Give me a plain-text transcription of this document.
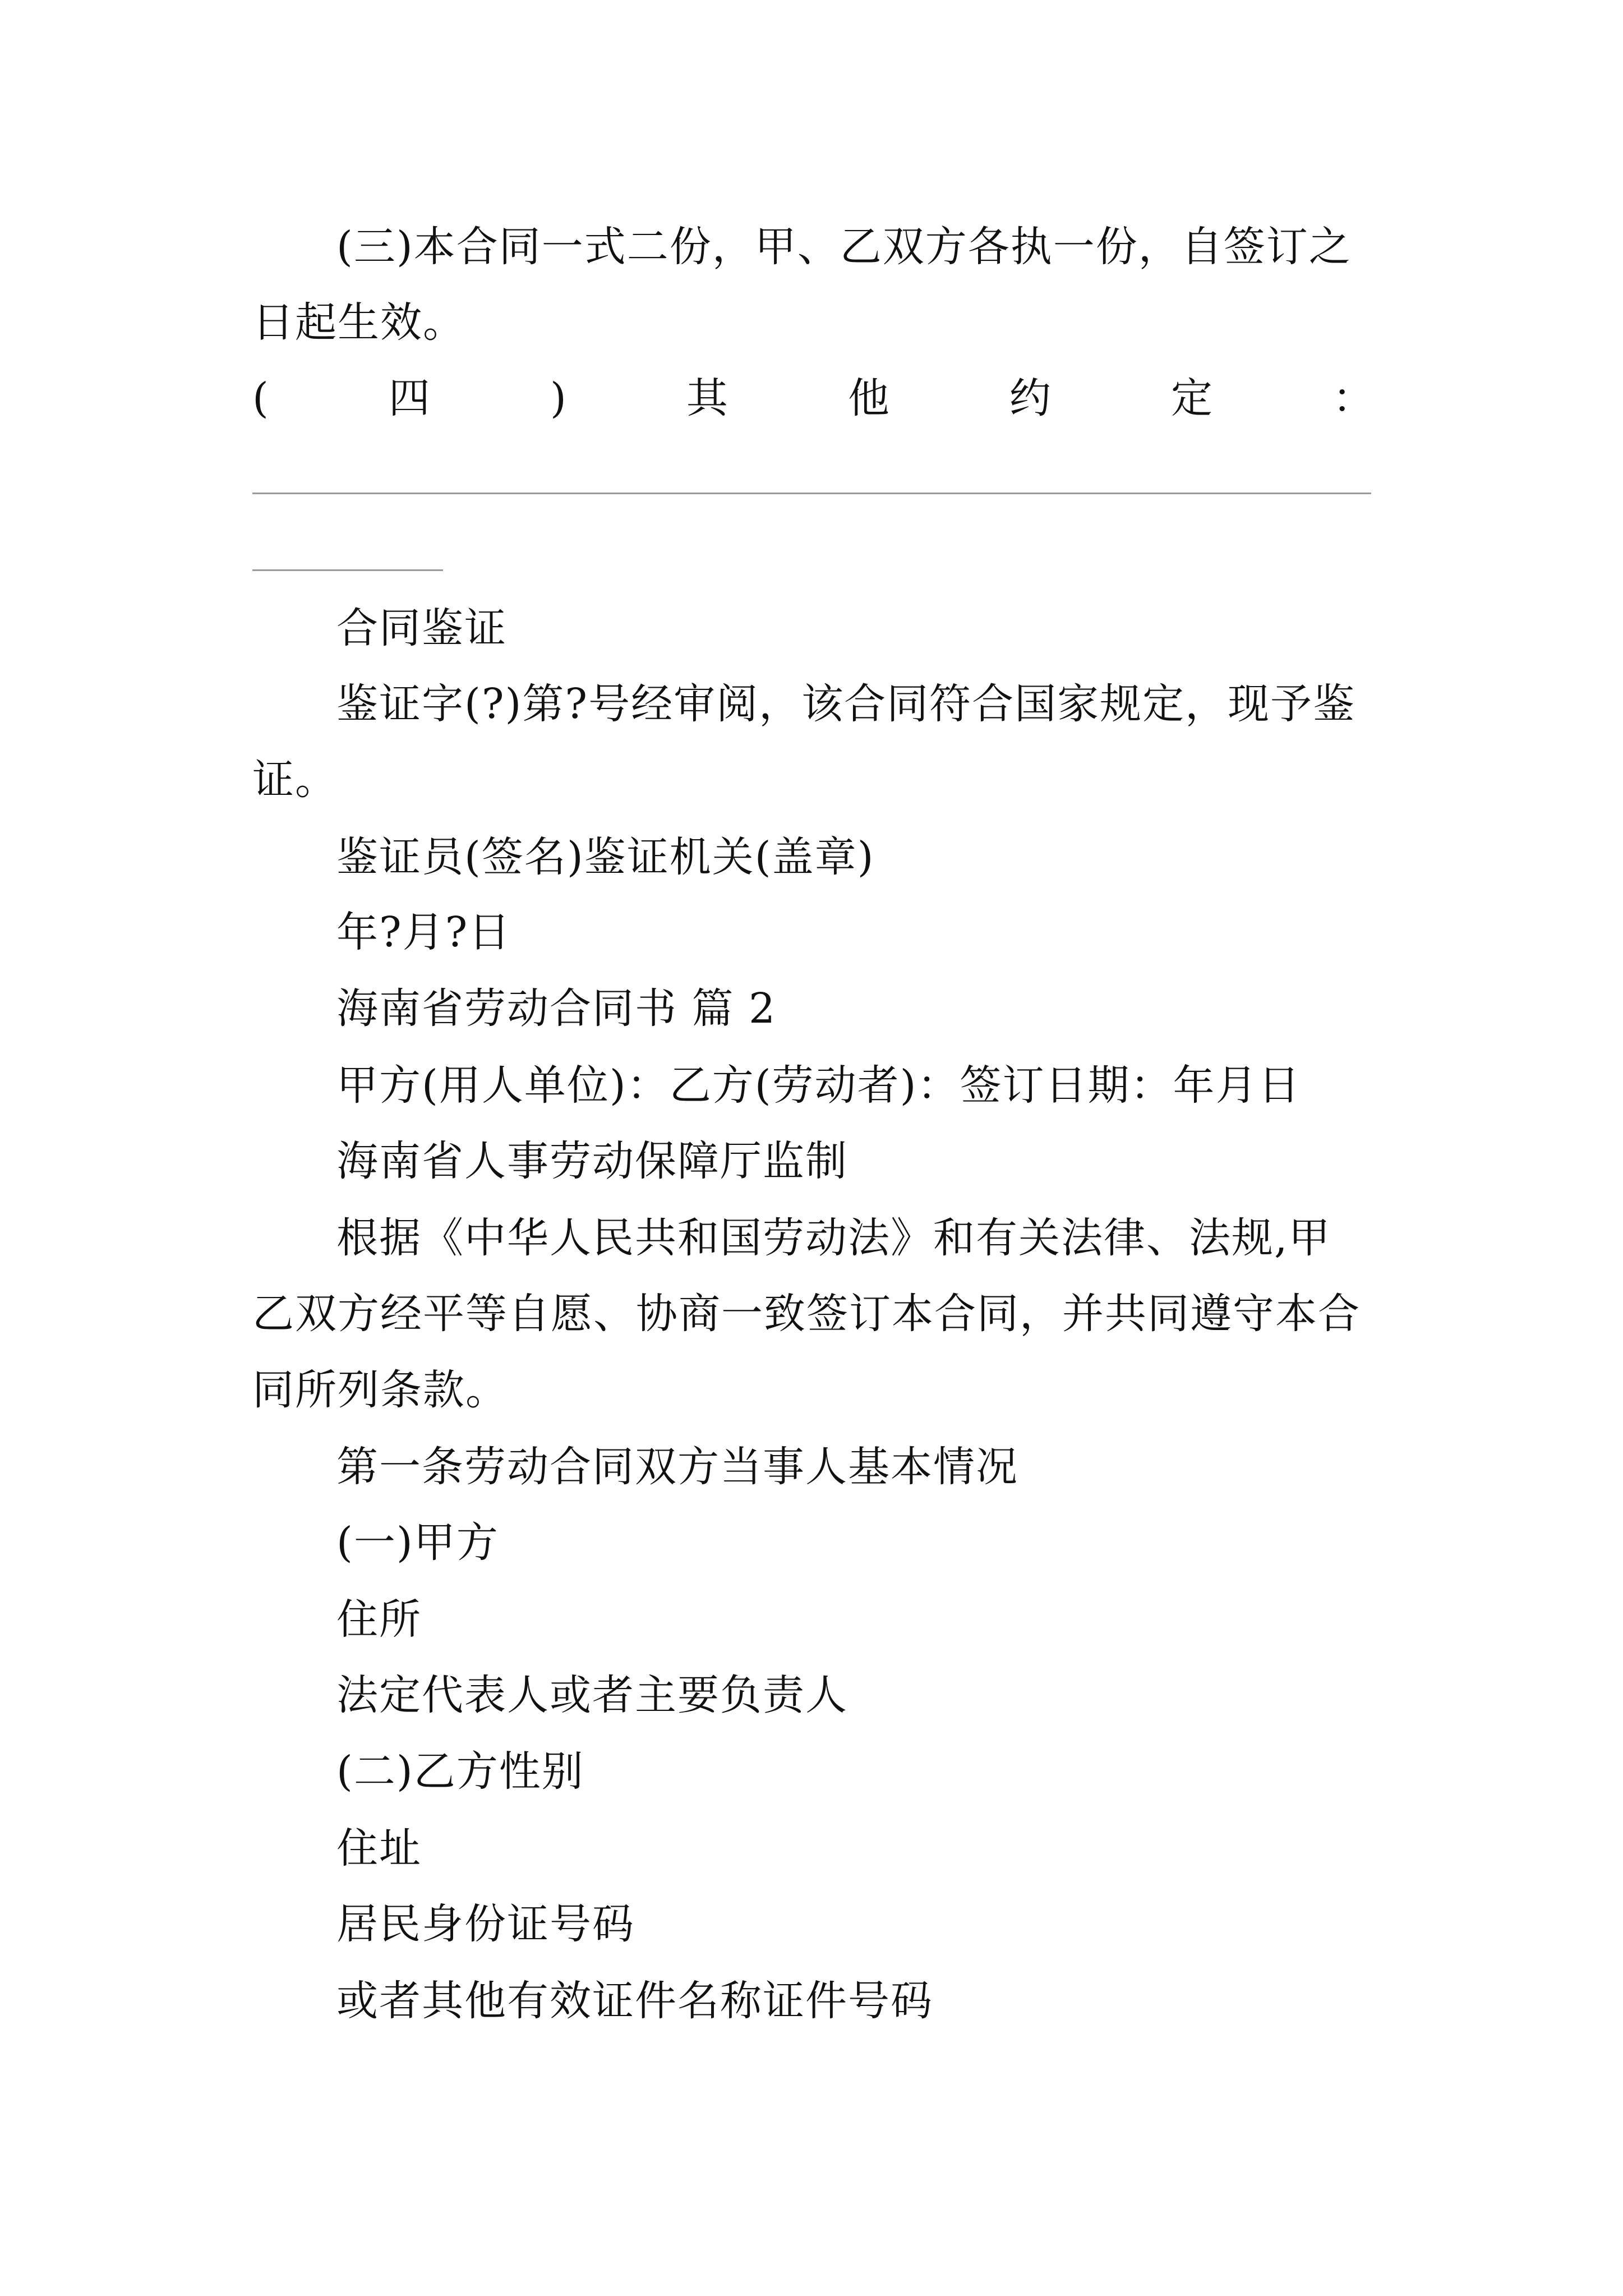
(三)本合同一式二份，甲、乙双方各执一份，自签订之
日起生效。
(	四	)	其	他	约	定	：
合同鉴证
鉴证字(?)第?号经审阅，该合同符合国家规定，现予鉴
证。
鉴证员(签名)鉴证机关(盖章)
年?月?日
海南省劳动合同书 篇 2
甲方(用人单位)：乙方(劳动者)：签订日期：年月日
海南省人事劳动保障厅监制
根据《中华人民共和国劳动法》和有关法律、法规,甲
乙双方经平等自愿、协商一致签订本合同，并共同遵守本合
同所列条款。
第一条劳动合同双方当事人基本情况
(一)甲方
住所
法定代表人或者主要负责人
(二)乙方性别
住址
居民身份证号码
或者其他有效证件名称证件号码
